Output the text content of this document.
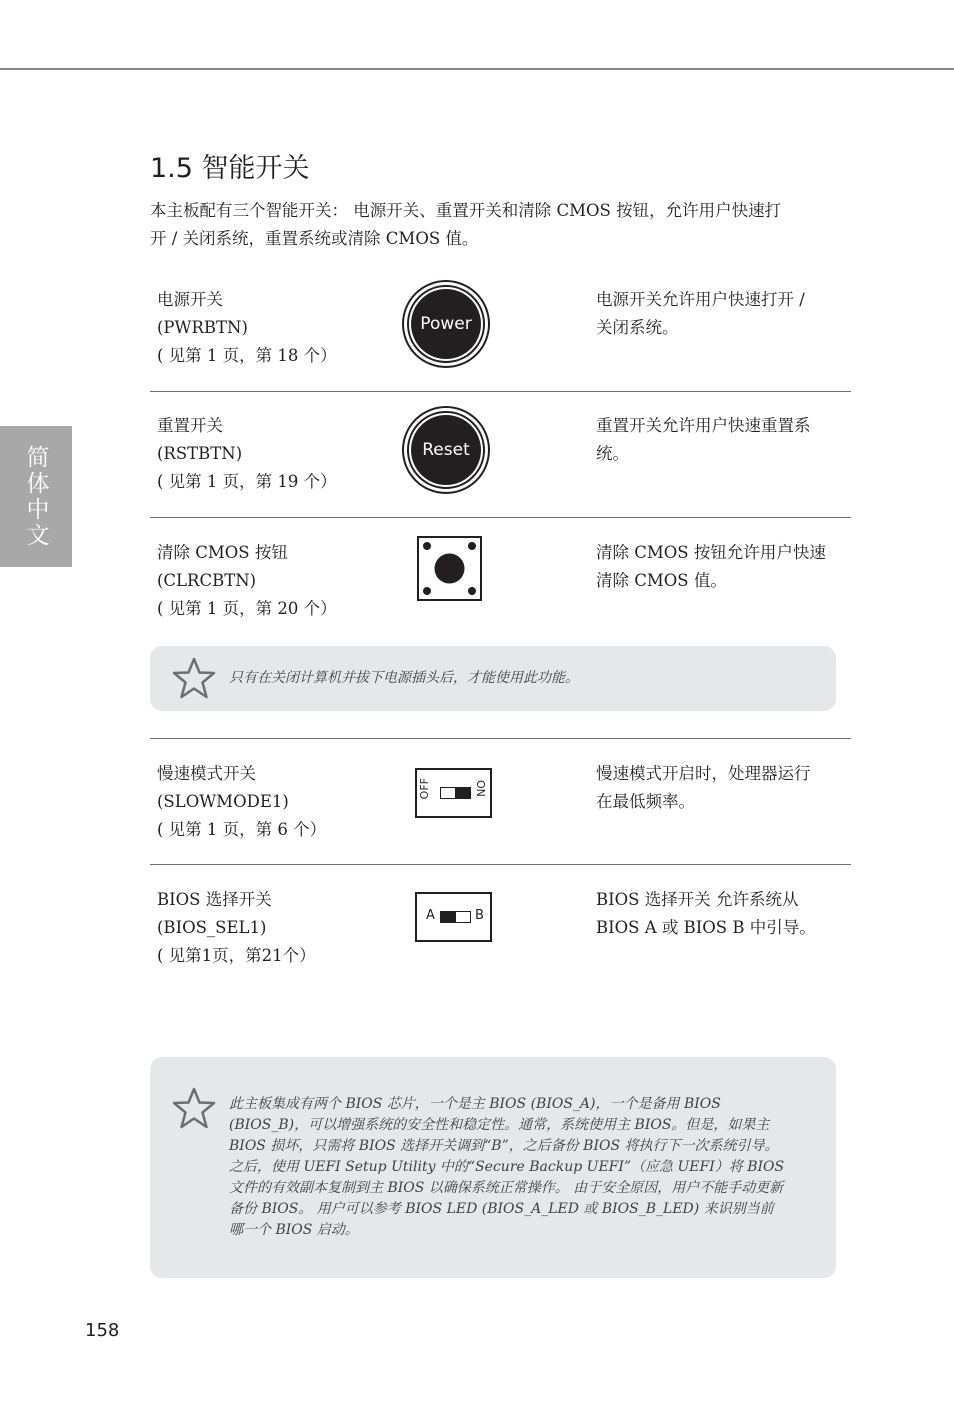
简体中文
1.5 智能开关
本主板配有三个智能开关： 电源开关、重置开关和清除 CMOS 按钮，允许用户快速打开 / 关闭系统，重置系统或清除 CMOS 值。
电源开关
(PWRBTN)
( 见第 1 页，第 18 个）
Power
电源开关允许用户快速打开 / 关闭系统。
重置开关
(RSTBTN)
( 见第 1 页，第 19 个）
Reset
重置开关允许用户快速重置系统。
清除 CMOS 按钮
(CLRCBTN)
( 见第 1 页，第 20 个）
清除 CMOS 按钮允许用户快速清除 CMOS 值。
只有在关闭计算机并拔下电源插头后，才能使用此功能。
慢速模式开关
(SLOWMODE1)
( 见第 1 页，第 6 个）
OFF	ON
慢速模式开启时，处理器运行在最低频率。
BIOS 选择开关
(BIOS_SEL1)
( 见第1页，第21个）
A	B
BIOS 选择开关 允许系统从 BIOS A 或 BIOS B 中引导。
此主板集成有两个 BIOS 芯片，一个是主 BIOS (BIOS_A)，一个是备用 BIOS (BIOS_B)，可以增强系统的安全性和稳定性。通常，系统使用主 BIOS。但是，如果主 BIOS 损坏，只需将 BIOS 选择开关调到“B”，之后备份 BIOS 将执行下一次系统引导。之后，使用 UEFI Setup Utility 中的“Secure Backup UEFI”（应急 UEFI）将 BIOS 文件的有效副本复制到主 BIOS 以确保系统正常操作。 由于安全原因，用户不能手动更新备份 BIOS。 用户可以参考 BIOS LED (BIOS_A_LED 或 BIOS_B_LED) 来识别当前哪一个 BIOS 启动。
158
